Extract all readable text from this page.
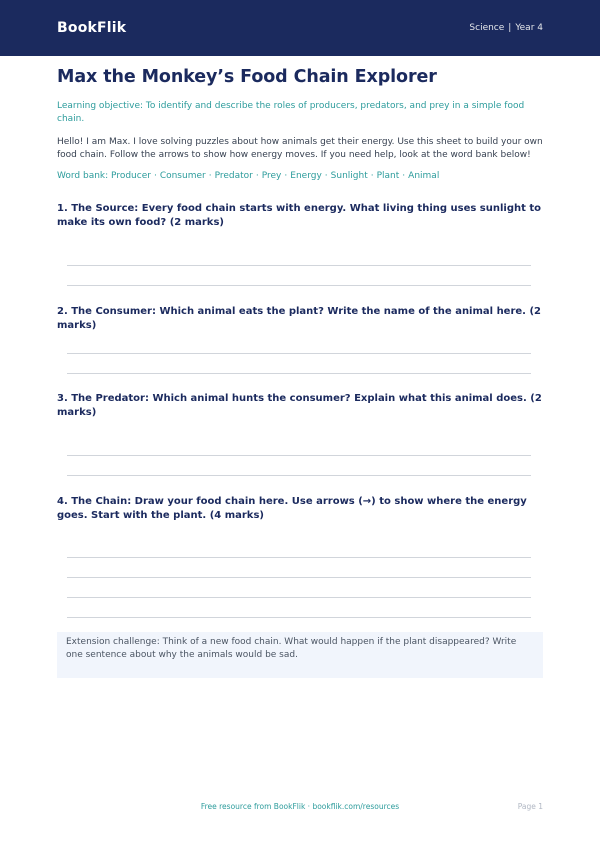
BookFlik	Science | Year 4
Max the Monkey’s Food Chain Explorer
Learning objective: To identify and describe the roles of producers, predators, and prey in a simple food chain.
Hello! I am Max. I love solving puzzles about how animals get their energy. Use this sheet to build your own food chain. Follow the arrows to show how energy moves. If you need help, look at the word bank below!
Word bank: Producer · Consumer · Predator · Prey · Energy · Sunlight · Plant · Animal
1. The Source: Every food chain starts with energy. What living thing uses sunlight to make its own food? (2 marks)
2. The Consumer: Which animal eats the plant? Write the name of the animal here. (2 marks)
3. The Predator: Which animal hunts the consumer? Explain what this animal does. (2 marks)
4. The Chain: Draw your food chain here. Use arrows (→) to show where the energy goes. Start with the plant. (4 marks)
Extension challenge: Think of a new food chain. What would happen if the plant disappeared? Write one sentence about why the animals would be sad.
Free resource from BookFlik · bookflik.com/resources	Page 1
